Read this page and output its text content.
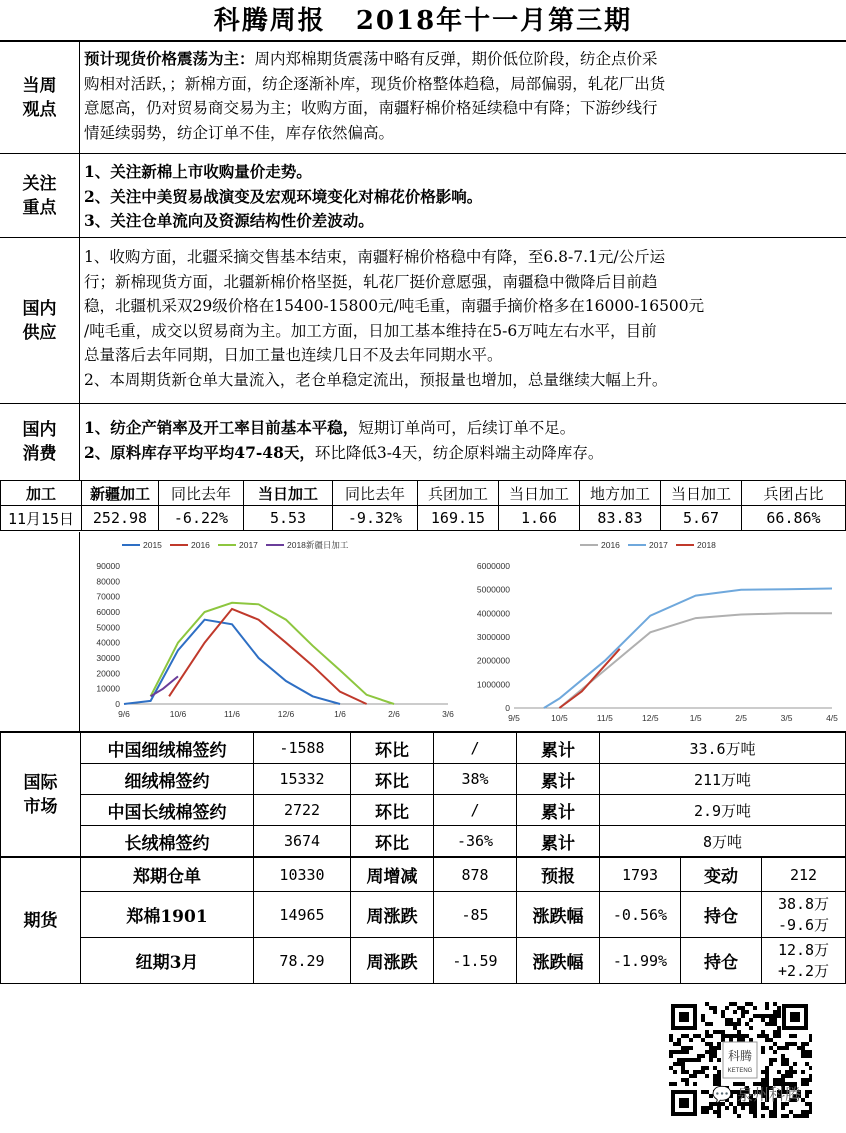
科腾周报 2018年十一月第三期
当周观点
预计现货价格震荡为主：周内郑棉期货震荡中略有反弹，期价低位阶段，纺企点价采
购相对活跃，；新棉方面，纺企逐渐补库，现货价格整体趋稳，局部偏弱，轧花厂出货
意愿高，仍对贸易商交易为主；收购方面，南疆籽棉价格延续稳中有降；下游纱线行
情延续弱势，纺企订单不佳，库存依然偏高。
关注重点
1、关注新棉上市收购量价走势。
2、关注中美贸易战演变及宏观环境变化对棉花价格影响。
3、关注仓单流向及资源结构性价差波动。
国内供应
1、收购方面，北疆采摘交售基本结束，南疆籽棉价格稳中有降，至6.8-7.1元/公斤运
行；新棉现货方面，北疆新棉价格坚挺，轧花厂挺价意愿强，南疆稳中微降后目前趋
稳，北疆机采双29级价格在15400-15800元/吨毛重，南疆手摘价格多在16000-16500元
/吨毛重，成交以贸易商为主。加工方面，日加工基本维持在5-6万吨左右水平，目前
总量落后去年同期，日加工量也连续几日不及去年同期水平。
2、本周期货新仓单大量流入，老仓单稳定流出，预报量也增加，总量继续大幅上升。
国内消费
1、纺企产销率及开工率目前基本平稳，短期订单尚可，后续订单不足。
2、原料库存平均平均47-48天，环比降低3-4天，纺企原料端主动降库存。
加工	新疆加工	同比去年	当日加工	同比去年	兵团加工	当日加工	地方加工	当日加工	兵团占比
11月15日	252.98	-6.22%	5.53	-9.32%	169.15	1.66	83.83	5.67	66.86%
0
10000
20000
30000
40000
50000
60000
70000
80000
90000
9/6	10/6	11/6	12/6	1/6	2/6	3/6
2015	2016	2017	2018新疆日加工
0
1000000
2000000
3000000
4000000
5000000
6000000
9/5	10/5	11/5	12/5	1/5	2/5	3/5	4/5
2016	2017	2018
国际市场	中国细绒棉签约	-1588	环比	/	累计	33.6万吨
	细绒棉签约	15332	环比	38%	累计	211万吨
	中国长绒棉签约	2722	环比	/	累计	2.9万吨
	长绒棉签约	3674	环比	-36%	累计	8万吨
期货	郑期仓单	10330	周增减	878	预报	1793	变动	212
	郑棉1901	14965	周涨跌	-85	涨跌幅	-0.56%	持仓	38.8万
-9.6万

	纽期3月	78.29	周涨跌	-1.59	涨跌幅	-1.99%	持仓	12.8万
+2.2万
科腾
KETENG
💬 泉州科腾
